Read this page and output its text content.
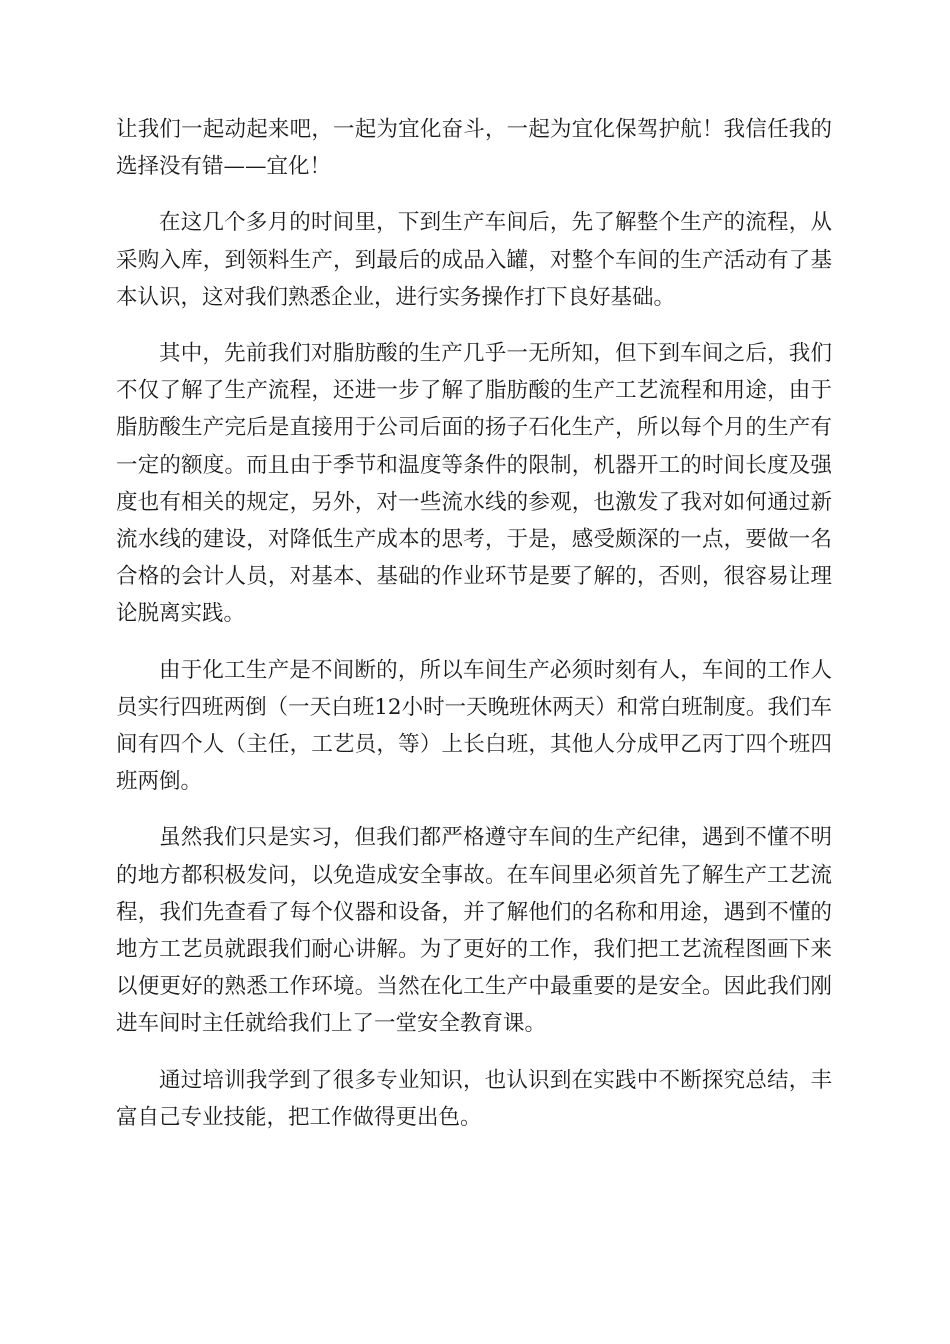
让我们一起动起来吧，一起为宜化奋斗，一起为宜化保驾护航！我信任我的选择没有错——宜化！

在这几个多月的时间里，下到生产车间后，先了解整个生产的流程，从采购入库，到领料生产，到最后的成品入罐，对整个车间的生产活动有了基本认识，这对我们熟悉企业，进行实务操作打下良好基础。

其中，先前我们对脂肪酸的生产几乎一无所知，但下到车间之后，我们不仅了解了生产流程，还进一步了解了脂肪酸的生产工艺流程和用途，由于脂肪酸生产完后是直接用于公司后面的扬子石化生产，所以每个月的生产有一定的额度。而且由于季节和温度等条件的限制，机器开工的时间长度及强度也有相关的规定，另外，对一些流水线的参观，也激发了我对如何通过新流水线的建设，对降低生产成本的思考，于是，感受颇深的一点，要做一名合格的会计人员，对基本、基础的作业环节是要了解的，否则，很容易让理论脱离实践。

由于化工生产是不间断的，所以车间生产必须时刻有人，车间的工作人员实行四班两倒（一天白班12小时一天晚班休两天）和常白班制度。我们车间有四个人（主任，工艺员，等）上长白班，其他人分成甲乙丙丁四个班四班两倒。

虽然我们只是实习，但我们都严格遵守车间的生产纪律，遇到不懂不明的地方都积极发问，以免造成安全事故。在车间里必须首先了解生产工艺流程，我们先查看了每个仪器和设备，并了解他们的名称和用途，遇到不懂的地方工艺员就跟我们耐心讲解。为了更好的工作，我们把工艺流程图画下来以便更好的熟悉工作环境。当然在化工生产中最重要的是安全。因此我们刚进车间时主任就给我们上了一堂安全教育课。

通过培训我学到了很多专业知识，也认识到在实践中不断探究总结，丰富自己专业技能，把工作做得更出色。
